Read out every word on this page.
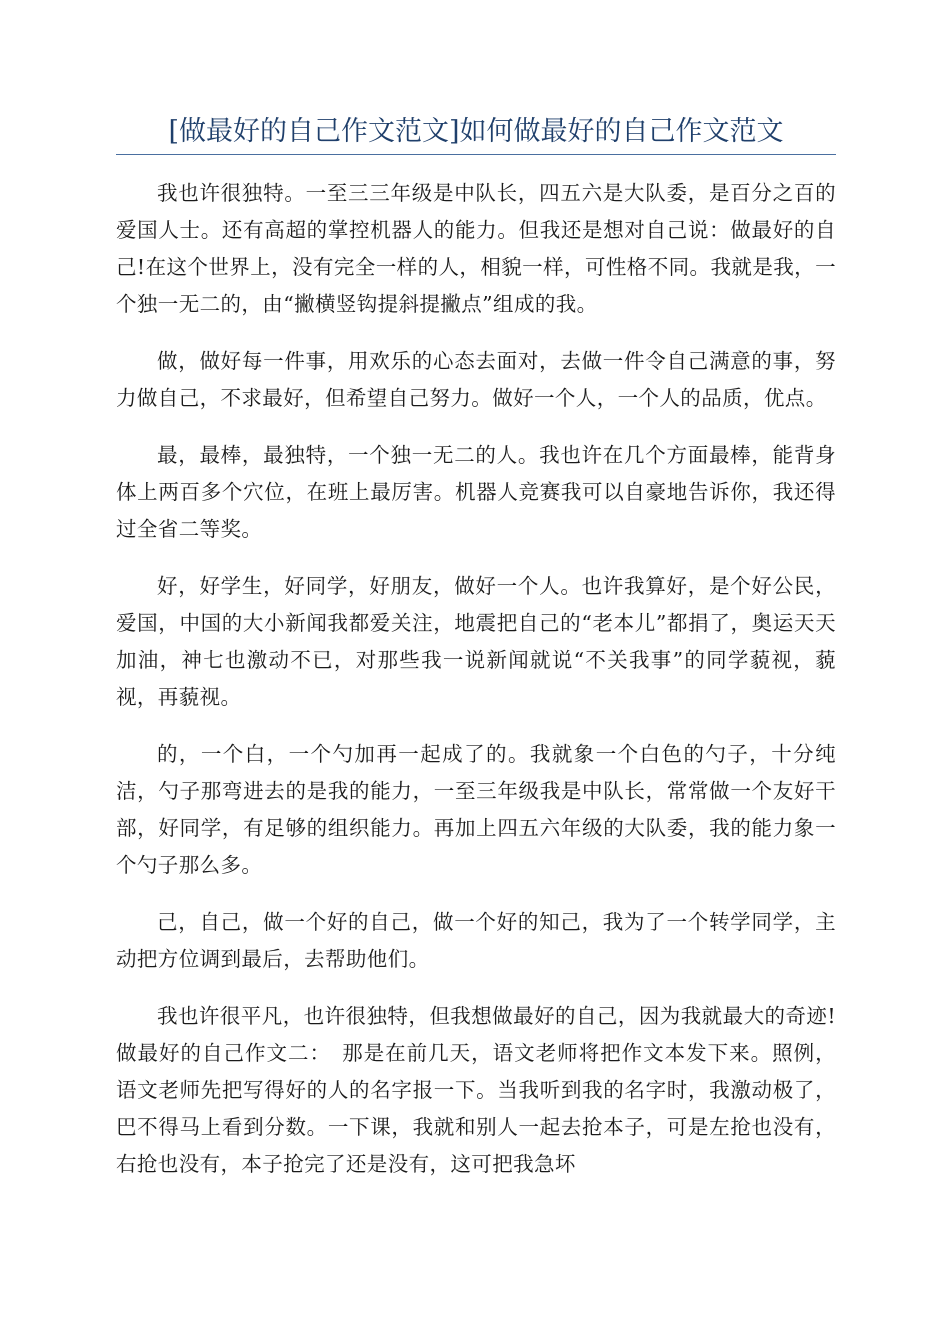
[做最好的自己作文范文]如何做最好的自己作文范文

我也许很独特。一至三三年级是中队长，四五六是大队委，是百分之百的爱国人士。还有高超的掌控机器人的能力。但我还是想对自己说：做最好的自己!在这个世界上，没有完全一样的人，相貌一样，可性格不同。我就是我，一个独一无二的，由“撇横竖钩提斜提撇点”组成的我。

做，做好每一件事，用欢乐的心态去面对，去做一件令自己满意的事，努力做自己，不求最好，但希望自己努力。做好一个人，一个人的品质，优点。

最，最棒，最独特，一个独一无二的人。我也许在几个方面最棒，能背身体上两百多个穴位，在班上最厉害。机器人竞赛我可以自豪地告诉你，我还得过全省二等奖。

好，好学生，好同学，好朋友，做好一个人。也许我算好，是个好公民，爱国，中国的大小新闻我都爱关注，地震把自己的“老本儿”都捐了，奥运天天加油，神七也激动不已，对那些我一说新闻就说“不关我事”的同学藐视，藐视，再藐视。

的，一个白，一个勺加再一起成了的。我就象一个白色的勺子，十分纯洁，勺子那弯进去的是我的能力，一至三年级我是中队长，常常做一个友好干部，好同学，有足够的组织能力。再加上四五六年级的大队委，我的能力象一个勺子那么多。

己，自己，做一个好的自己，做一个好的知己，我为了一个转学同学，主动把方位调到最后，去帮助他们。

我也许很平凡，也许很独特，但我想做最好的自己，因为我就最大的奇迹!做最好的自己作文二：　那是在前几天，语文老师将把作文本发下来。照例，语文老师先把写得好的人的名字报一下。当我听到我的名字时，我激动极了，巴不得马上看到分数。一下课，我就和别人一起去抢本子，可是左抢也没有，右抢也没有，本子抢完了还是没有，这可把我急坏
